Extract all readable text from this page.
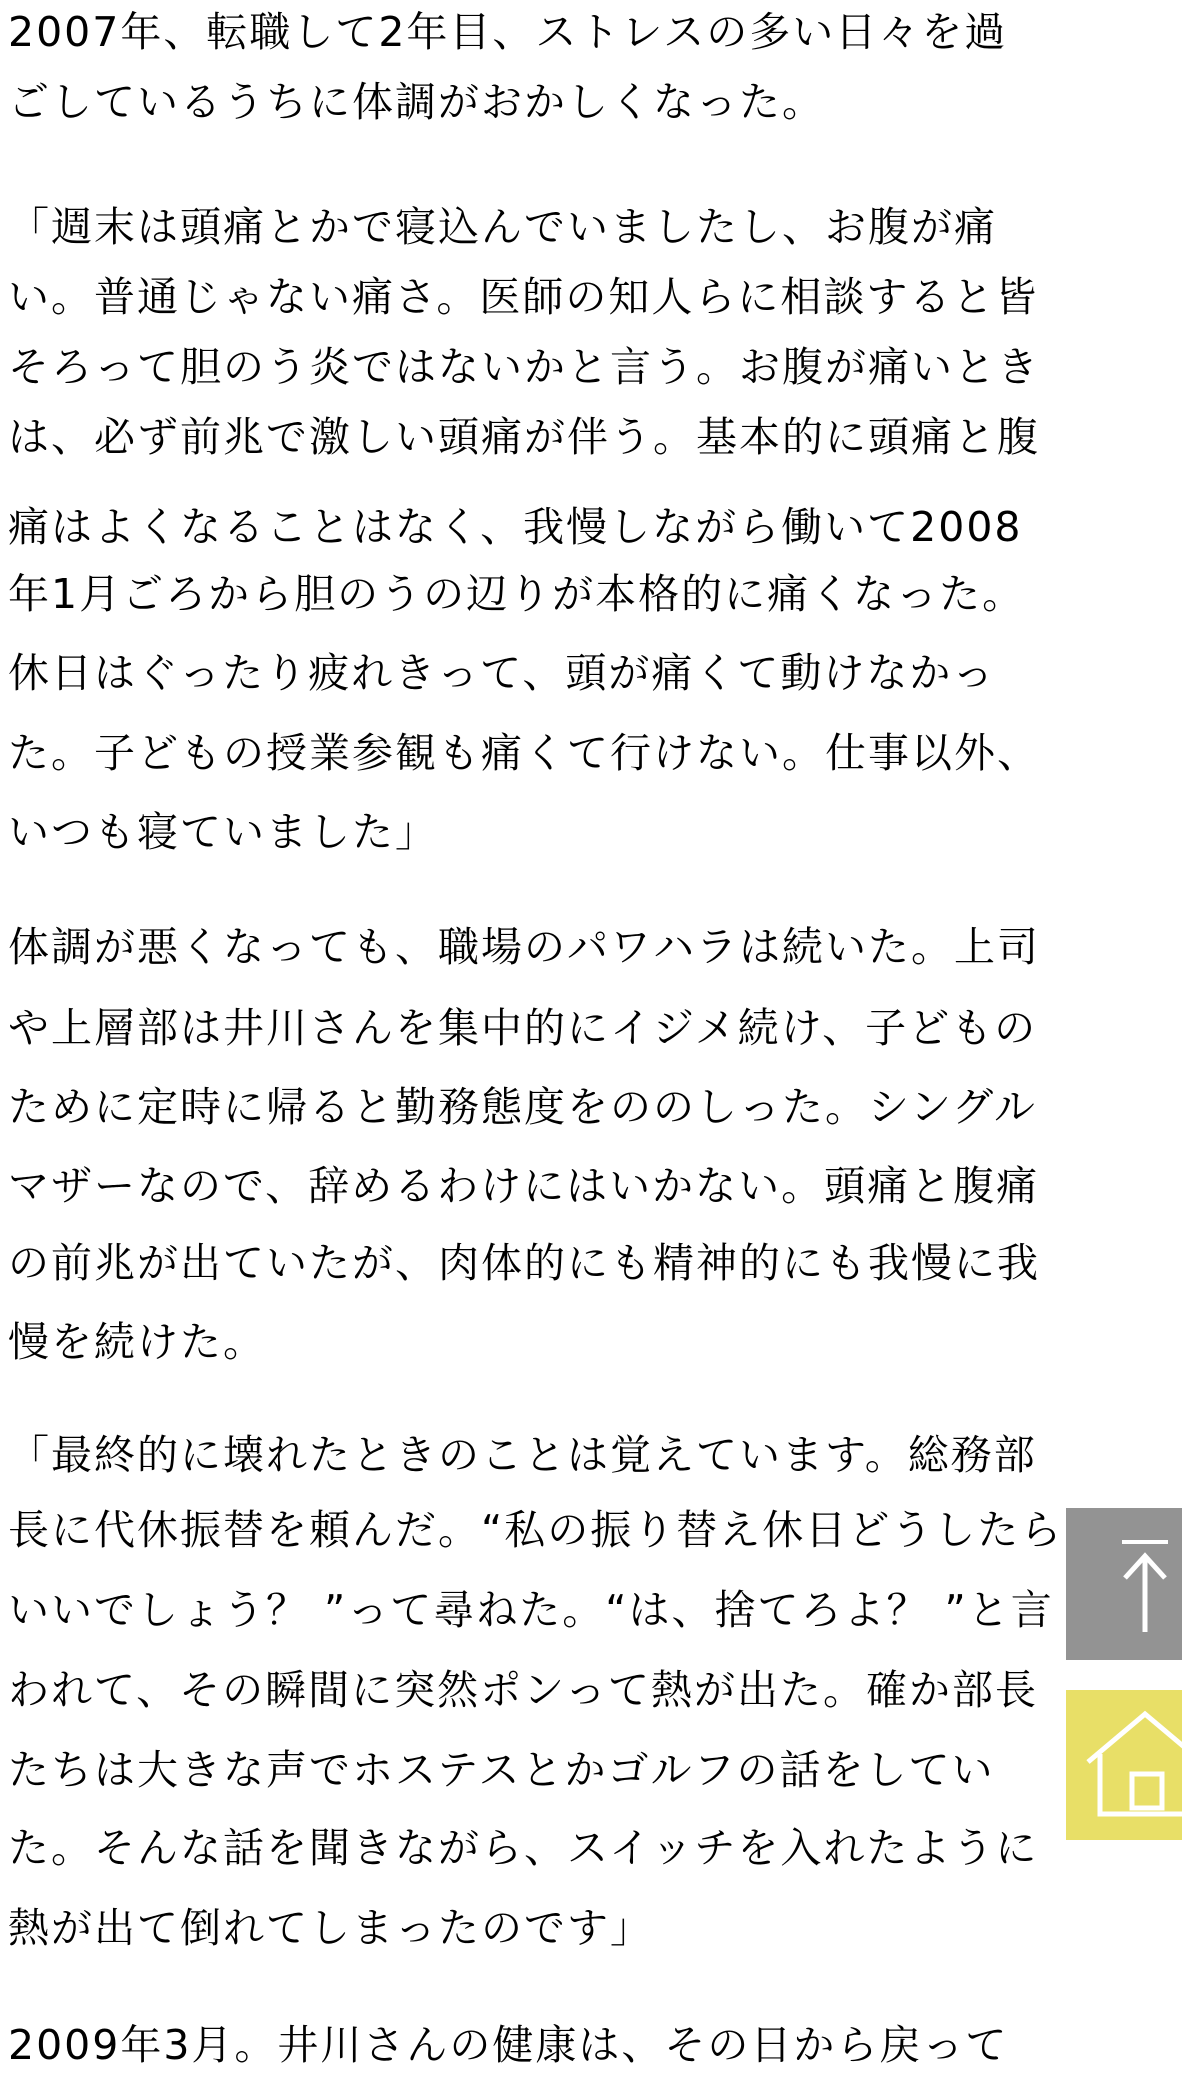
2007年、転職して2年目、ストレスの多い日々を過

ごしているうちに体調がおかしくなった。

「週末は頭痛とかで寝込んでいましたし、お腹が痛

い。普通じゃない痛さ。医師の知人らに相談すると皆

そろって胆のう炎ではないかと言う。お腹が痛いとき

は、必ず前兆で激しい頭痛が伴う。基本的に頭痛と腹

痛はよくなることはなく、我慢しながら働いて2008

年1月ごろから胆のうの辺りが本格的に痛くなった。

休日はぐったり疲れきって、頭が痛くて動けなかっ

た。子どもの授業参観も痛くて行けない。仕事以外、

いつも寝ていました」

体調が悪くなっても、職場のパワハラは続いた。上司

や上層部は井川さんを集中的にイジメ続け、子どもの

ために定時に帰ると勤務態度をののしった。シングル

マザーなので、辞めるわけにはいかない。頭痛と腹痛

の前兆が出ていたが、肉体的にも精神的にも我慢に我

慢を続けた。

「最終的に壊れたときのことは覚えています。総務部

長に代休振替を頼んだ。“私の振り替え休日どうしたら

いいでしょう？ ”って尋ねた。“は、捨てろよ？ ”と言

われて、その瞬間に突然ポンって熱が出た。確か部長

たちは大きな声でホステスとかゴルフの話をしてい

た。そんな話を聞きながら、スイッチを入れたように

熱が出て倒れてしまったのです」

2009年3月。井川さんの健康は、その日から戻って
